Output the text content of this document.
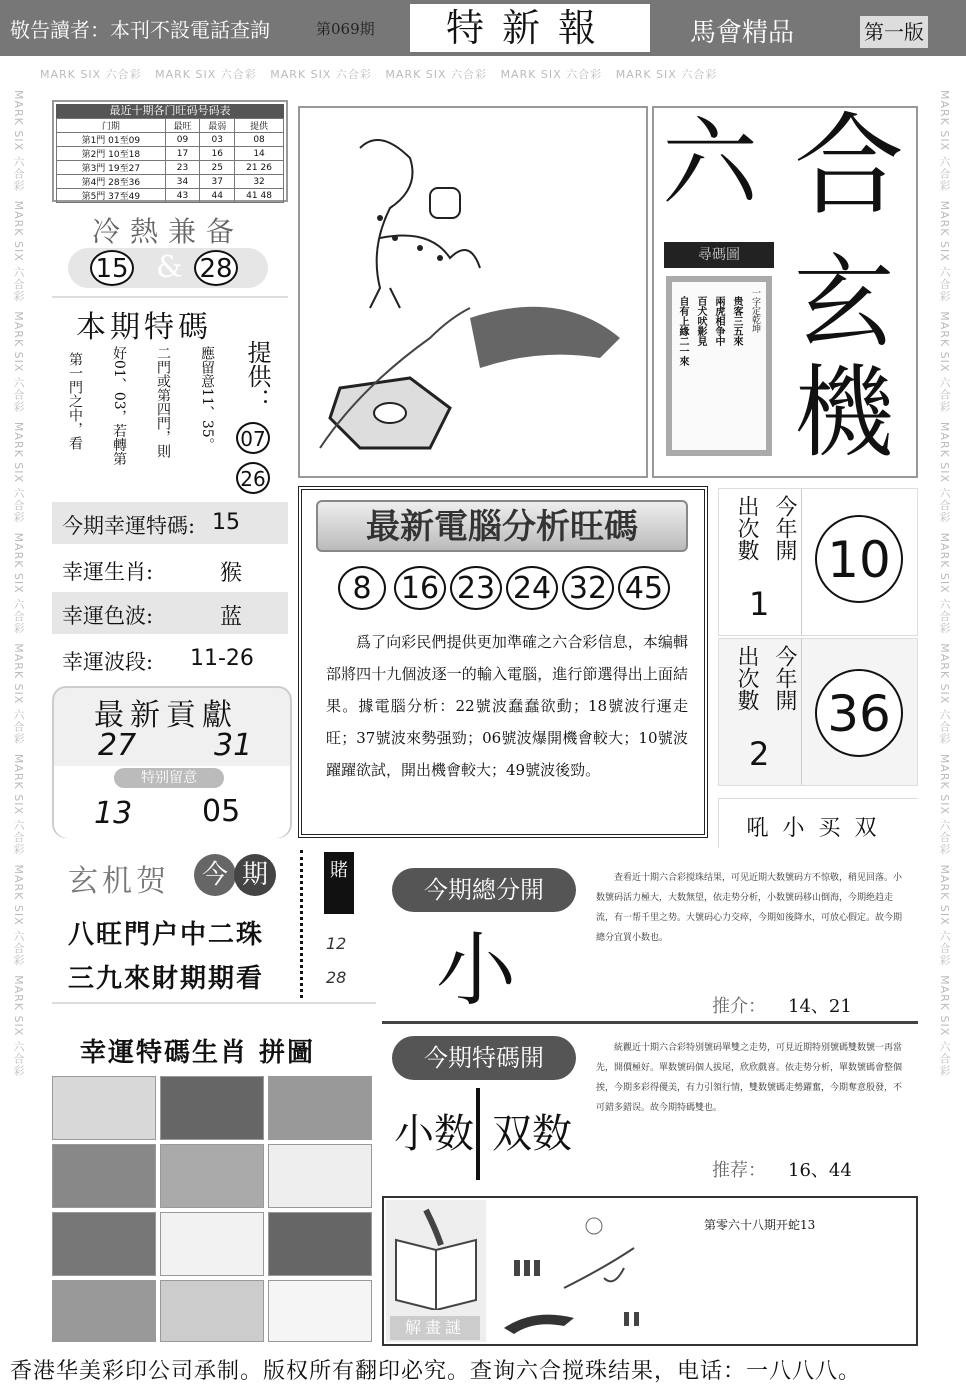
敬告讀者：本刊不設電話查詢	第069期	特新報	馬會精品	第一版
MARK SIX 六合彩 MARK SIX 六合彩 MARK SIX 六合彩 MARK SIX 六合彩 MARK SIX 六合彩 MARK SIX 六合彩
MARK SIX 六合彩  MARK SIX 六合彩  MARK SIX 六合彩  MARK SIX 六合彩  MARK SIX 六合彩  MARK SIX 六合彩  MARK SIX 六合彩  MARK SIX 六合彩  MARK SIX 六合彩
MARK SIX 六合彩  MARK SIX 六合彩  MARK SIX 六合彩  MARK SIX 六合彩  MARK SIX 六合彩  MARK SIX 六合彩  MARK SIX 六合彩  MARK SIX 六合彩  MARK SIX 六合彩
最近十期各门旺码号码表
门期	最旺	最弱	提供
第1門 01至09	09	03	08
第2門 10至18	17	16	14
第3門 19至27	23	25	21 26
第4門 28至36	34	37	32
第5門 37至49	43	44	41 48
冷熱兼备
15 & 28
本期特碼
第一門之中，看 好01、03，若轉第 二門或第四門，則 應留意11、35。 提供：
07
26
今期幸運特碼: 15
幸運生肖:	猴
幸運色波:	蓝
幸運波段: 11-26
最新貢獻
27	31
特别留意
13 05
玄机贺	今 期
八旺門户中二珠
三九來財期期看
賭
12
28
幸運特碼生肖 拼圖
六 合
玄
機
尋碼圖
一字定乾坤
贵客三五來
兩虎相争中
百犬吠影見
自有上緣二一來
最新電腦分析旺碼
8 16 23 24 32 45
爲了向彩民們提供更加準確之六合彩信息，本编輯部將四十九個波逐一的輸入電腦，進行節選得出上面結果。據電腦分析：22號波蠢蠢欲動；18號波行運走旺；37號波來勢强勁；06號波爆開機會較大；10號波躍躍欲試，開出機會較大；49號波後勁。
今年開
出次數
1
10
今年開
出次數
2
36
吼小买双
今期總分開
小
查看近十期六合彩搅珠结果，可见近期大数號码方不惊敬，稍见回落。小数號码活力極大，大数無望，依走势分析，小数號码移山倒海，今期绝趋走流，有一帮千里之势。大號码心力交瘁，今期如後降水，可放心假定。故今期總分宜買小数也。
推介： 14、21
今期特碼開
小数 双数
統觀近十期六合彩特别號码單雙之走势，可見近期特别號碼雙数號一再當先，開價極好。單数號码個人拔尾，欣欣戲喜。依走势分析，單数號碼會整個挨，今期多彩得優美，有力引領行情，雙数號碼走勢躍奮，今期奪意殷發，不可錯多錯误。故今期特碼雙也。
推荐： 16、44
解畫謎
第零六十八期开蛇13
香港华美彩印公司承制。版权所有翻印必究。查询六合搅珠结果，电话：一八八八。
